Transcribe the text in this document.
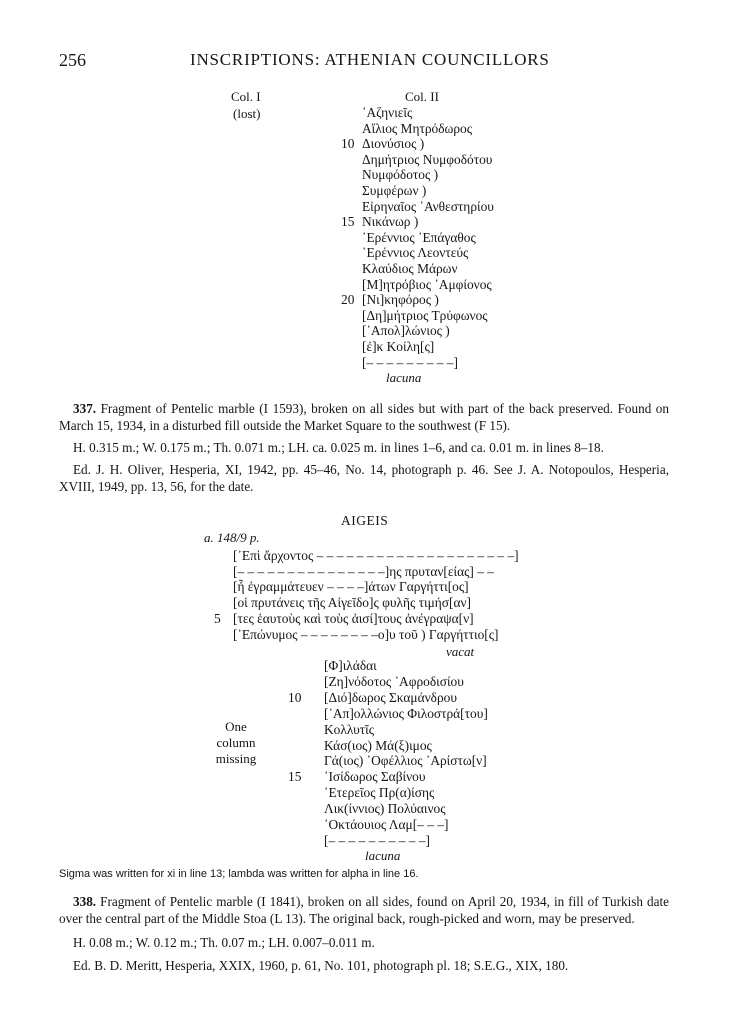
256	INSCRIPTIONS: ATHENIAN COUNCILLORS
Col. I
(lost)
Col. II
᾿Αζηνιεῖς
Αἴλιος Μητρόδωρος
10 Διονύσιος )
Δημήτριος Νυμφοδότου
Νυμφόδοτος )
Συμφέρων )
Εἰρηναῖος ᾿Ανθεστηρίου
15 Νικάνωρ )
῾Ερέννιος ᾿Επάγαθος
῾Ερέννιος Λεοντεύς
Κλαύδιος Μάρων
[Μ]ητρόβιος ᾿Αμφίονος
20 [Νι]κηφόρος )
[Δη]μήτριος Τρύφωνος
[᾿Απολ]λώνιος )
[ἐ]κ Κοίλη[ς]
[– – – – – – – – –]
lacuna
337. Fragment of Pentelic marble (I 1593), broken on all sides but with part of the back preserved. Found on March 15, 1934, in a disturbed fill outside the Market Square to the southwest (F 15).
H. 0.315 m.; W. 0.175 m.; Th. 0.071 m.; LH. ca. 0.025 m. in lines 1–6, and ca. 0.01 m. in lines 8–18.
Ed. J. H. Oliver, Hesperia, XI, 1942, pp. 45–46, No. 14, photograph p. 46. See J. A. Notopoulos, Hesperia, XVIII, 1949, pp. 13, 56, for the date.
AIGEIS
a. 148/9 p.
[᾿Επὶ ἄρχοντος – – – – – – – – – – – – – – – – – – – –]
[– – – – – – – – – – – – – – –]ης πρυταν[είας] – –
[ἧ ἐγραμμάτευεν – – – –]άτων Γαργήττι[ος]
[οἱ πρυτάνεις τῆς Αἰγεῖδο]ς φυλῆς τιμήσ[αν]
5 [τες ἑαυτοὺς καὶ τοὺς ἀισί]τους ἀνέγραψα[ν]
[᾿Επώνυμος – – – – – – – –ο]υ τοῦ ) Γαργήττιο[ς]
vacat
One
column
missing
[Φ]ιλάδαι
[Ζη]νόδοτος ᾿Αφροδισίου
10 [Διό]δωρος Σκαμάνδρου
[᾿Απ]ολλώνιος Φιλοστρά[του]
Κολλυτῖς
Κάσ(ιος) Μά(ξ)ιμος
Γά(ιος) ᾿Οφέλλιος ᾿Αρίστω[ν]
15 ᾿Ισίδωρος Σαβίνου
῾Ετερεῖος Πρ(α)ίσης
Λικ(ίννιος) Πολύαινος
᾿Οκτάουιος Λαμ[– – –]
[– – – – – – – – – –]
lacuna
Sigma was written for xi in line 13; lambda was written for alpha in line 16.
338. Fragment of Pentelic marble (I 1841), broken on all sides, found on April 20, 1934, in fill of Turkish date over the central part of the Middle Stoa (L 13). The original back, rough-picked and worn, may be preserved.
H. 0.08 m.; W. 0.12 m.; Th. 0.07 m.; LH. 0.007–0.011 m.
Ed. B. D. Meritt, Hesperia, XXIX, 1960, p. 61, No. 101, photograph pl. 18; S.E.G., XIX, 180.
